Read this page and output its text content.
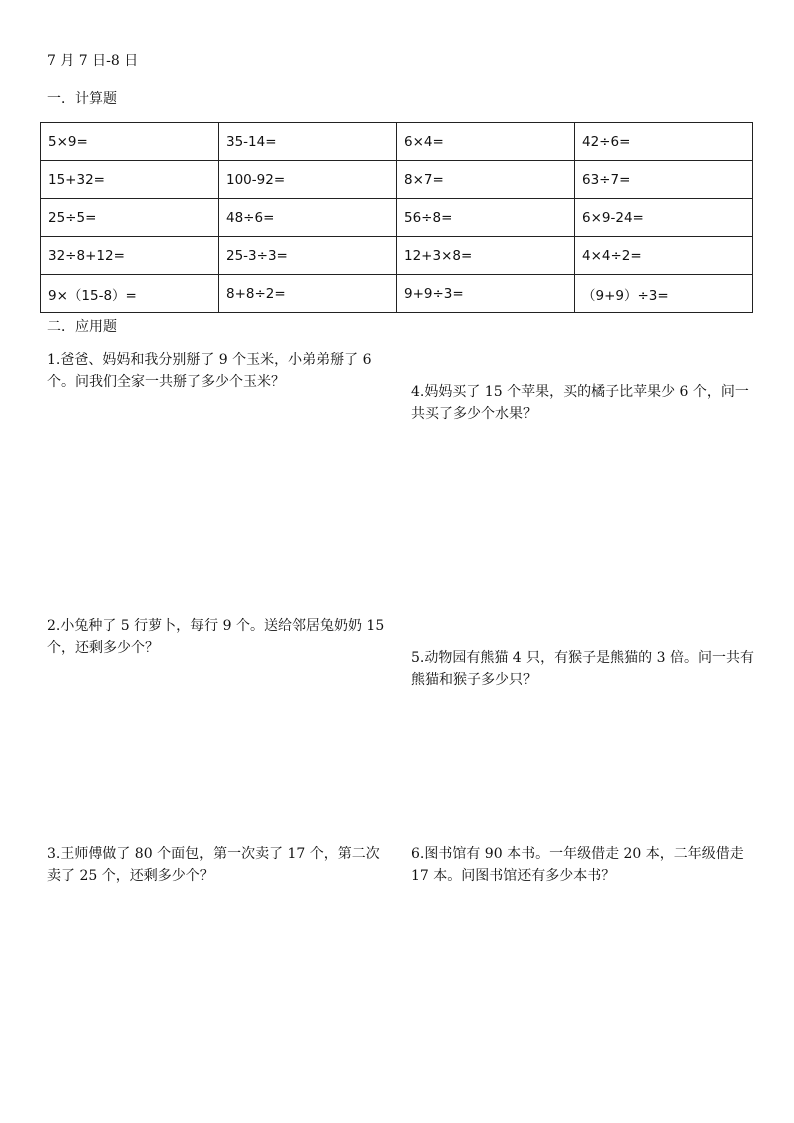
7 月 7 日-8 日
一．计算题
5×9=	35-14=	6×4=	42÷6=
15+32=	100-92=	8×7=	63÷7=
25÷5=	48÷6=	56÷8=	6×9-24=
32÷8+12=	25-3÷3=	12+3×8=	4×4÷2=
9×（15-8）=	8+8÷2=	9+9÷3=	（9+9）÷3=
二．应用题
1.爸爸、妈妈和我分别掰了 9 个玉米，小弟弟掰了 6 个。问我们全家一共掰了多少个玉米？
2.小兔种了 5 行萝卜，每行 9 个。送给邻居兔奶奶 15 个，还剩多少个？
3.王师傅做了 80 个面包，第一次卖了 17 个，第二次卖了 25 个，还剩多少个？
4.妈妈买了 15 个苹果，买的橘子比苹果少 6 个，问一共买了多少个水果？
5.动物园有熊猫 4 只，有猴子是熊猫的 3 倍。问一共有熊猫和猴子多少只？
6.图书馆有 90 本书。一年级借走 20 本，二年级借走 17 本。问图书馆还有多少本书？
